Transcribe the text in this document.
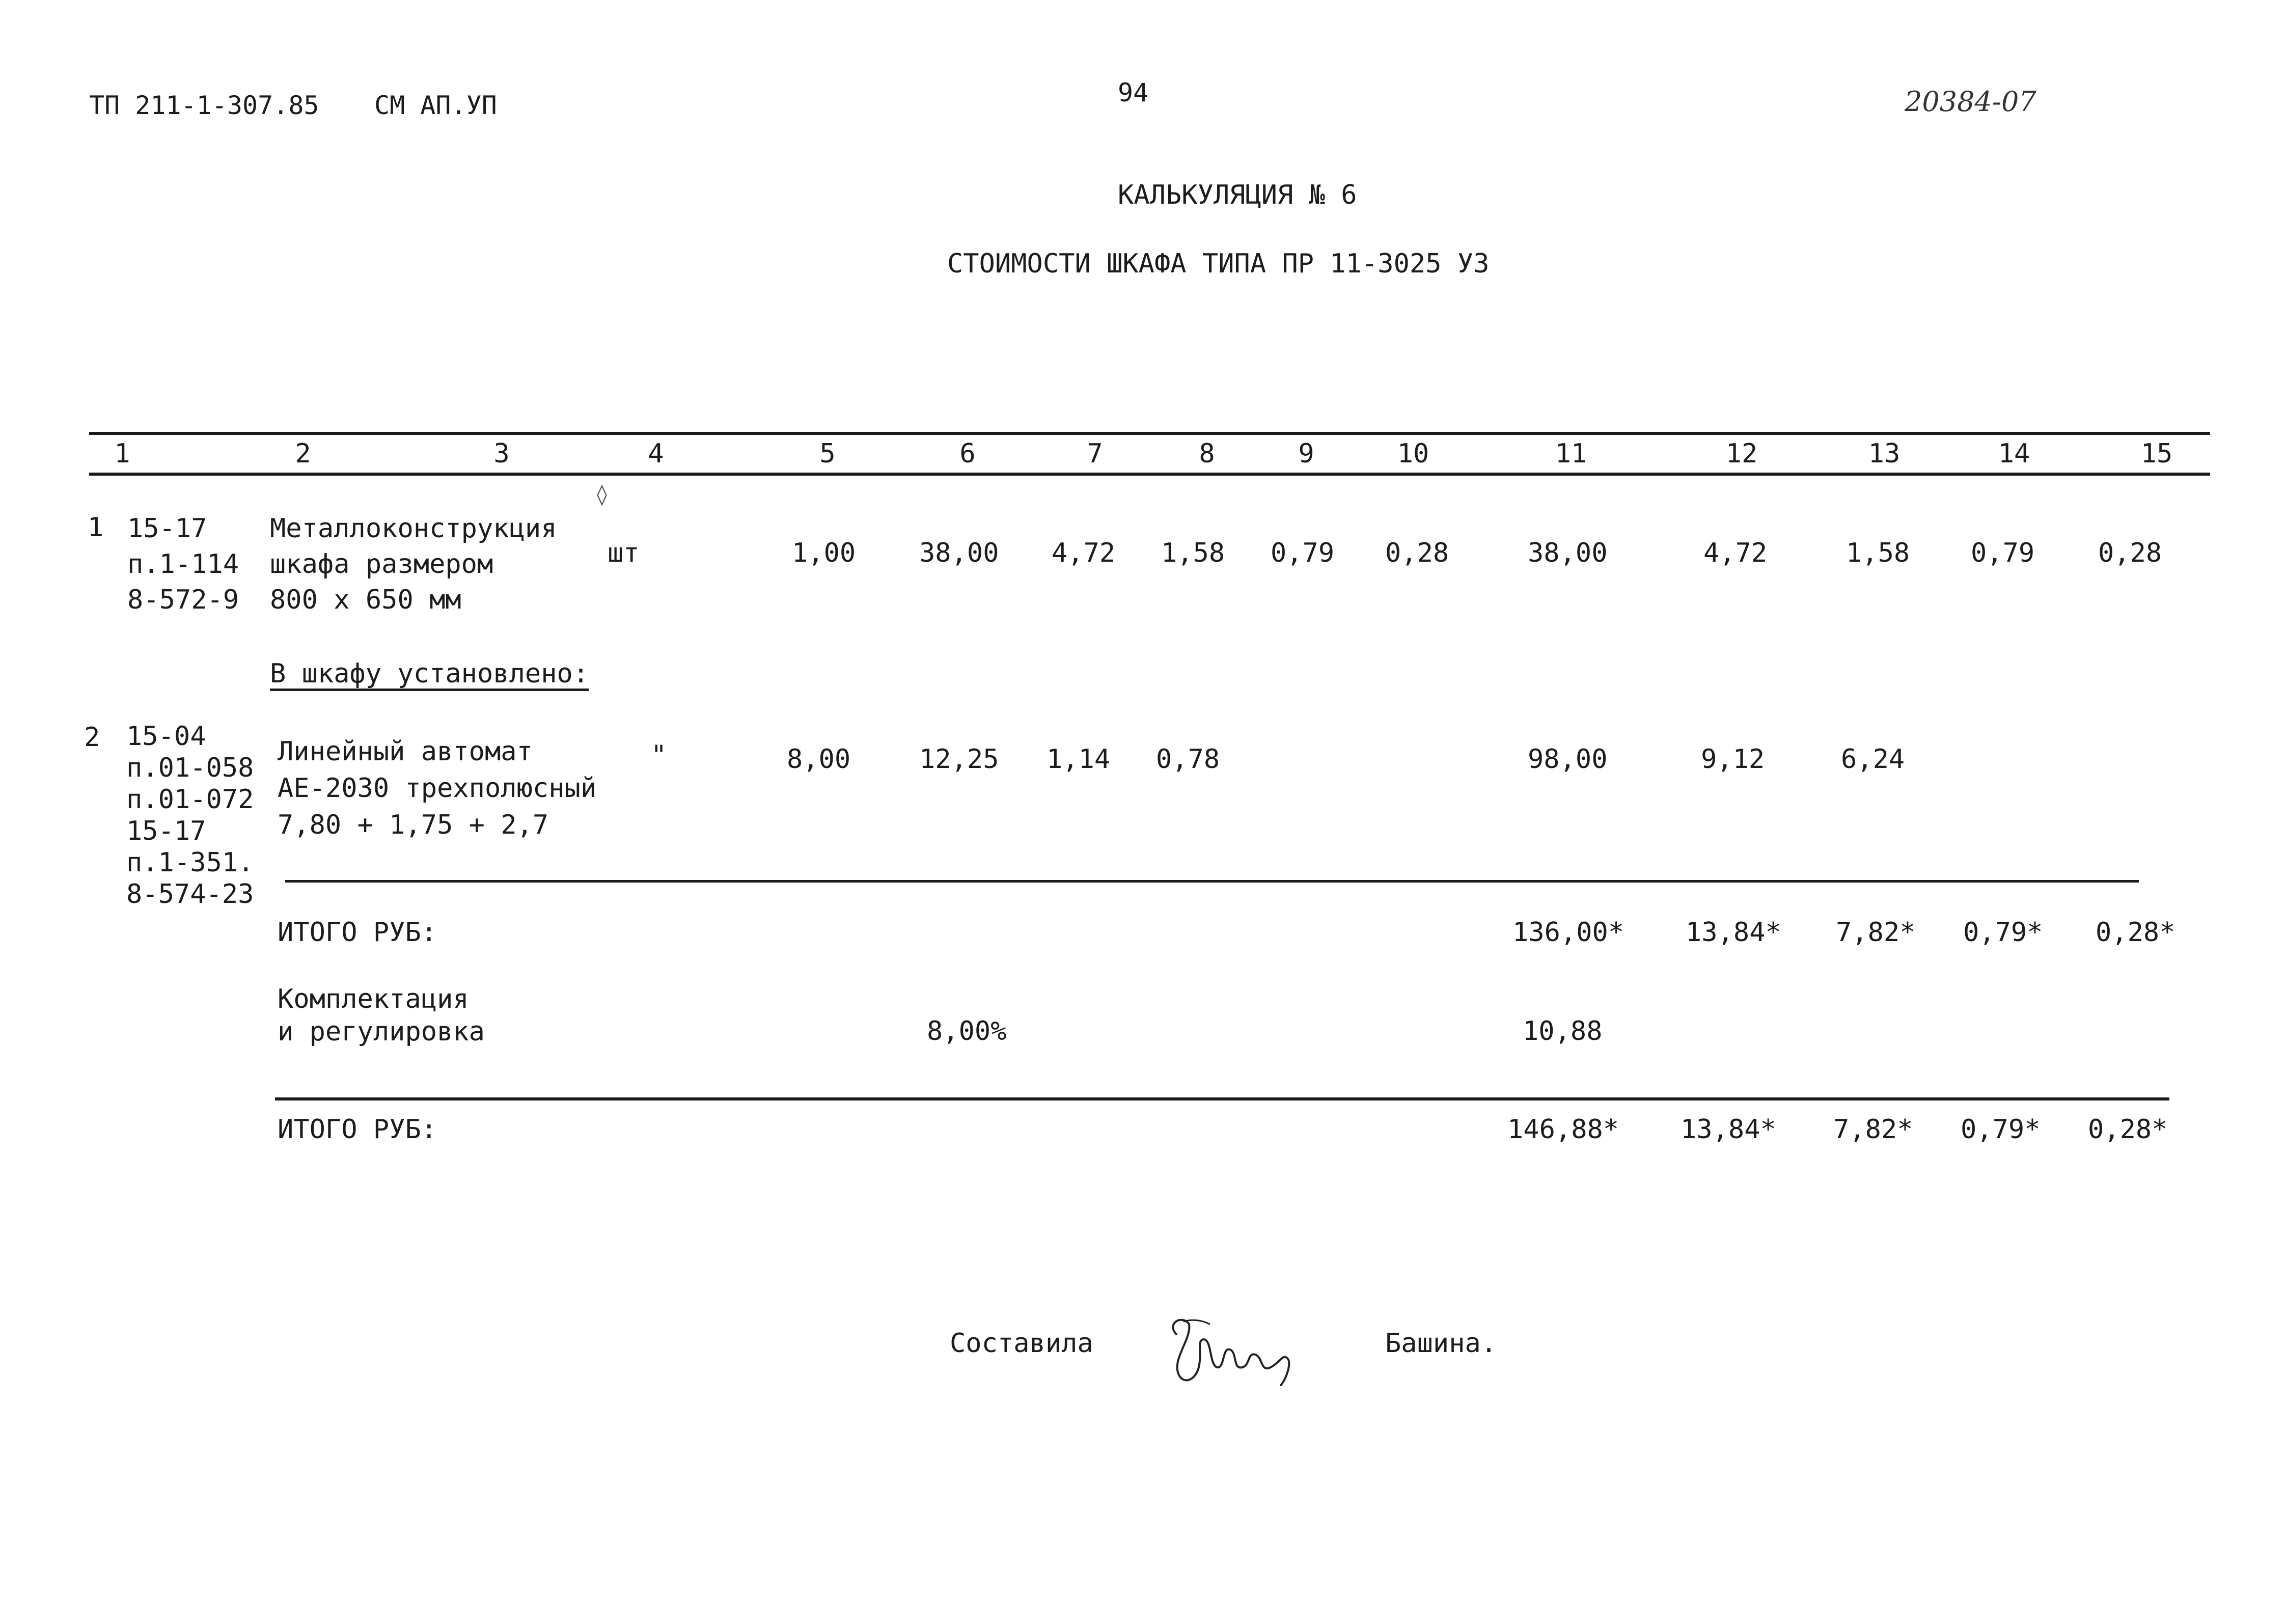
ТП 211-1-307.85 СМ АП.УП	94	20384-07
КАЛЬКУЛЯЦИЯ № 6
СТОИМОСТИ ШКАФА ТИПА ПР 11-3025 У3
1	2	3	4	5	6	7	8	9	10	11	12	13	14	15
◊
1 15-17
п.1-114
8-572-9
Металлоконструкция
шкафа размером
800 х 650 мм
шт	1,00 38,00 4,72 1,58 0,79 0,28	38,00	4,72	1,58 0,79 0,28
В шкафу установлено:
2 15-04
п.01-058
п.01-072
15-17
п.1-351.
8-574-23
Линейный автомат
АЕ-2030 трехполюсный
7,80 + 1,75 + 2,7
"	8,00	12,25 1,14 0,78	98,00	9,12	6,24
ИТОГО РУБ:	136,00* 13,84* 7,82* 0,79* 0,28*
Комплектация
и регулировка	8,00%	10,88
ИТОГО РУБ:	146,88* 13,84* 7,82* 0,79* 0,28*
Составила	Башина.
